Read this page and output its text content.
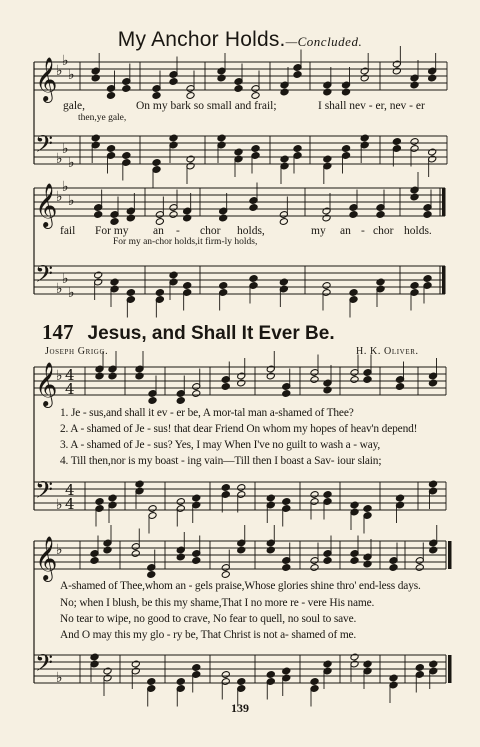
𝄞
♭
♭
♭
𝄢 ♭
♭
♭
𝄞
♭
♭
♭
𝄢 ♭
♭
♭
𝄞
♭ 4
4
𝄢 ♭
4
4
𝄞
♭
𝄢 ♭
My Anchor Holds.—Concluded.
gale,	On my bark so small and frail;	I shall nev - er, nev - er
then,ye gale,
fail For my an - chor holds,	my an - chor holds.
For my an-chor holds,it firm-ly holds,
147 Jesus, and Shall It Ever Be.
Joseph Grigg.	H. K. Oliver.
1. Je - sus,and shall it ev - er be, A mor-tal man a-shamed of Thee?
2. A - shamed of Je - sus! that dear Friend On whom my hopes of heav'n depend!
3. A - shamed of Je - sus? Yes, I may When I've no guilt to wash a - way,
4. Till then,nor is my boast - ing vain—Till then I boast a Sav- iour slain;
A-shamed of Thee,whom an - gels praise,Whose glories shine thro' end-less days.
No; when I blush, be this my shame,That I no more re - vere His name.
No tear to wipe, no good to crave, No fear to quell, no soul to save.
And O may this my glo - ry be, That Christ is not a- shamed of me.
139
